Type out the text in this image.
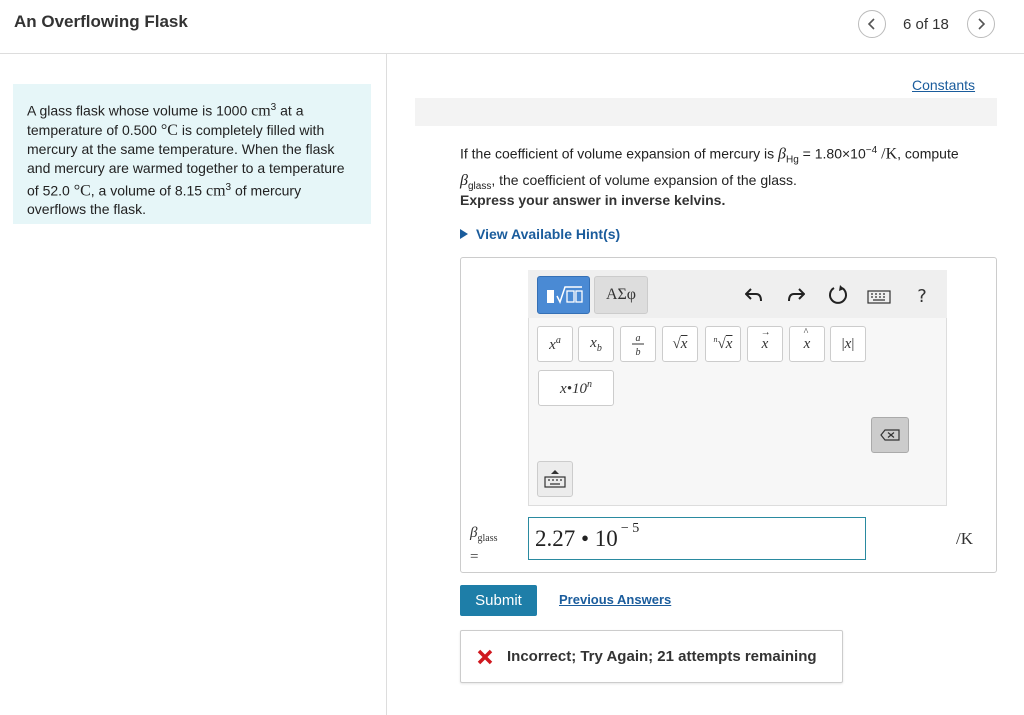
An Overflowing Flask	6 of 18
A glass flask whose volume is 1000 $cm^3$ at a temperature of 0.500 °C is completely filled with mercury at the same temperature. When the flask and mercury are warmed together to a temperature of 52.0 °C, a volume of 8.15 $cm^3$ of mercury overflows the flask.
Constants
If the coefficient of volume expansion of mercury is $\beta_{Hg} = 1.80\times 10^{-4}$ /K, compute
$\beta_{glass}$, the coefficient of volume expansion of the glass.
Express your answer in inverse kelvins.
View Available Hint(s)
ΑΣφ	?
$x^a$ $x_b$
a
b
√x	$^n$√x x
→
x
^
|x|
x•10$^n$
$\beta_{glass}$
=
2.27 • $10^{- 5}$
/K
Submit	Previous Answers
Incorrect; Try Again; 21 attempts remaining
